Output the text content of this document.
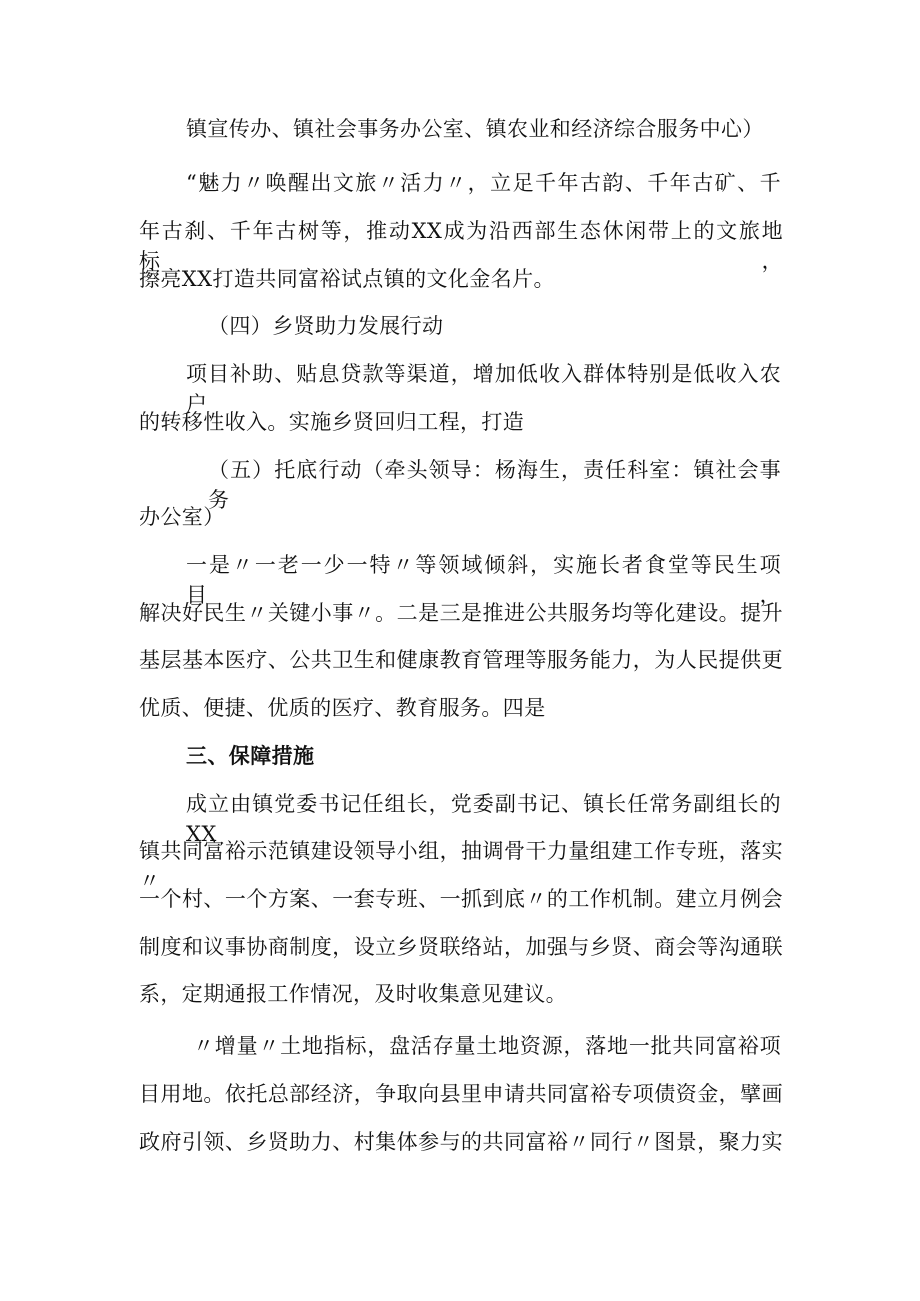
镇宣传办、镇社会事务办公室、镇农业和经济综合服务中心）

“魅力〃唤醒出文旅〃活力〃，立足千年古韵、千年古矿、千

年古刹、千年古树等，推动XX成为沿西部生态休闲带上的文旅地标，

擦亮XX打造共同富裕试点镇的文化金名片。

（四）乡贤助力发展行动

项目补助、贴息贷款等渠道，增加低收入群体特别是低收入农户

的转移性收入。实施乡贤回归工程，打造

（五）托底行动（牵头领导：杨海生，责任科室：镇社会事务

办公室）

一是〃一老一少一特〃等领域倾斜，实施长者食堂等民生项目，

解决好民生〃关键小事〃。二是三是推进公共服务均等化建设。提升

基层基本医疗、公共卫生和健康教育管理等服务能力，为人民提供更

优质、便捷、优质的医疗、教育服务。四是

三、保障措施

成立由镇党委书记任组长，党委副书记、镇长任常务副组长的XX

镇共同富裕示范镇建设领导小组，抽调骨干力量组建工作专班，落实〃

一个村、一个方案、一套专班、一抓到底〃的工作机制。建立月例会

制度和议事协商制度，设立乡贤联络站，加强与乡贤、商会等沟通联

系，定期通报工作情况，及时收集意见建议。

〃增量〃土地指标，盘活存量土地资源，落地一批共同富裕项

目用地。依托总部经济，争取向县里申请共同富裕专项债资金，擘画

政府引领、乡贤助力、村集体参与的共同富裕〃同行〃图景，聚力实
